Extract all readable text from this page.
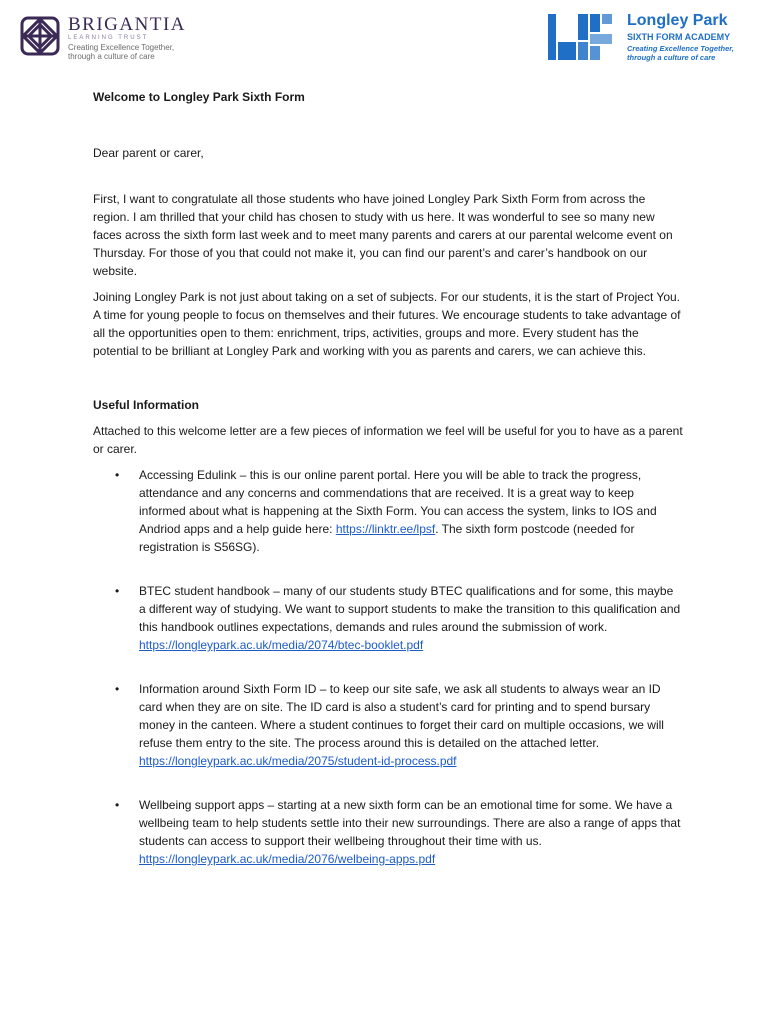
BRIGANTIA
LEARNING TRUST
Creating Excellence Together,
through a culture of care
Longley Park
SIXTH FORM ACADEMY
Creating Excellence Together,
through a culture of care

Welcome to Longley Park Sixth Form

Dear parent or carer,

First, I want to congratulate all those students who have joined Longley Park Sixth Form from across the region. I am thrilled that your child has chosen to study with us here. It was wonderful to see so many new faces across the sixth form last week and to meet many parents and carers at our parental welcome event on Thursday. For those of you that could not make it, you can find our parent’s and carer’s handbook on our website.

Joining Longley Park is not just about taking on a set of subjects. For our students, it is the start of Project You. A time for young people to focus on themselves and their futures. We encourage students to take advantage of all the opportunities open to them: enrichment, trips, activities, groups and more. Every student has the potential to be brilliant at Longley Park and working with you as parents and carers, we can achieve this.

Useful Information

Attached to this welcome letter are a few pieces of information we feel will be useful for you to have as a parent or carer.

• Accessing Edulink – this is our online parent portal. Here you will be able to track the progress, attendance and any concerns and commendations that are received. It is a great way to keep informed about what is happening at the Sixth Form. You can access the system, links to IOS and Andriod apps and a help guide here: https://linktr.ee/lpsf. The sixth form postcode (needed for registration is S56SG).
• BTEC student handbook – many of our students study BTEC qualifications and for some, this maybe a different way of studying. We want to support students to make the transition to this qualification and this handbook outlines expectations, demands and rules around the submission of work. https://longleypark.ac.uk/media/2074/btec-booklet.pdf
• Information around Sixth Form ID – to keep our site safe, we ask all students to always wear an ID card when they are on site. The ID card is also a student’s card for printing and to spend bursary money in the canteen. Where a student continues to forget their card on multiple occasions, we will refuse them entry to the site. The process around this is detailed on the attached letter. https://longleypark.ac.uk/media/2075/student-id-process.pdf
• Wellbeing support apps – starting at a new sixth form can be an emotional time for some. We have a wellbeing team to help students settle into their new surroundings. There are also a range of apps that students can access to support their wellbeing throughout their time with us. https://longleypark.ac.uk/media/2076/welbeing-apps.pdf
